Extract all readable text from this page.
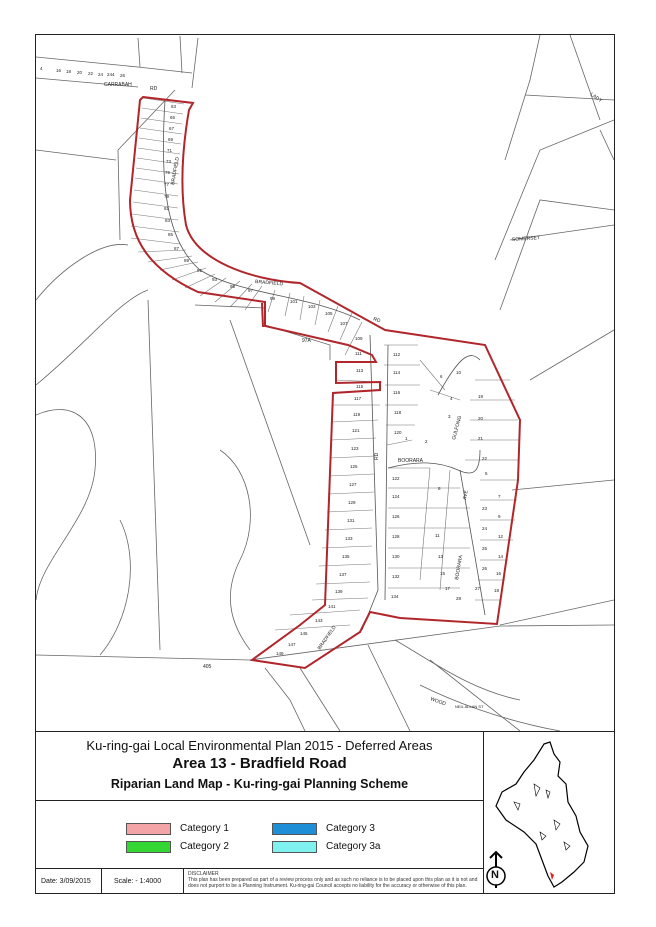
CARRABAH
RD
BRADFIELD
BRADFIELD
RD
RD
BRADFIELD
SOMERSET
BOORARA
BOORARA
AVE
GULFONG
LADY
97A
405
WOOD NEIL ALLAN ST
4	16 18 20 22 24 244 26
63
65
67
69
71
73
75
77
79
81
83
85
87
89
91
93
95
97
99
101
103
105
107
109
111
113
115
117
119
121
123
125
127
129
131
133
135
137
139
141
143
145
147
149
112
114
116
118
120
122
124
126
128
130
132
134
1
2
3
4
5
6
7
8
9
10
11	12
13	14
15	16
17	18
19
20
21
22
23
24
25
26
27
28
Ku-ring-gai Local Environmental Plan 2015 - Deferred Areas
Area 13 - Bradfield Road
Riparian Land Map - Ku-ring-gai Planning Scheme
Category 1
Category 2
Category 3
Category 3a
Date: 3/09/2015	Scale: - 1:4000
DISCLAIMER
This plan has been prepared as part of a review process only and as such no reliance is to be placed upon this plan as it is not and does not purport to be a Planning Instrument. Ku-ring-gai Council accepts no liability for the accuracy or otherwise of this plan.
N
